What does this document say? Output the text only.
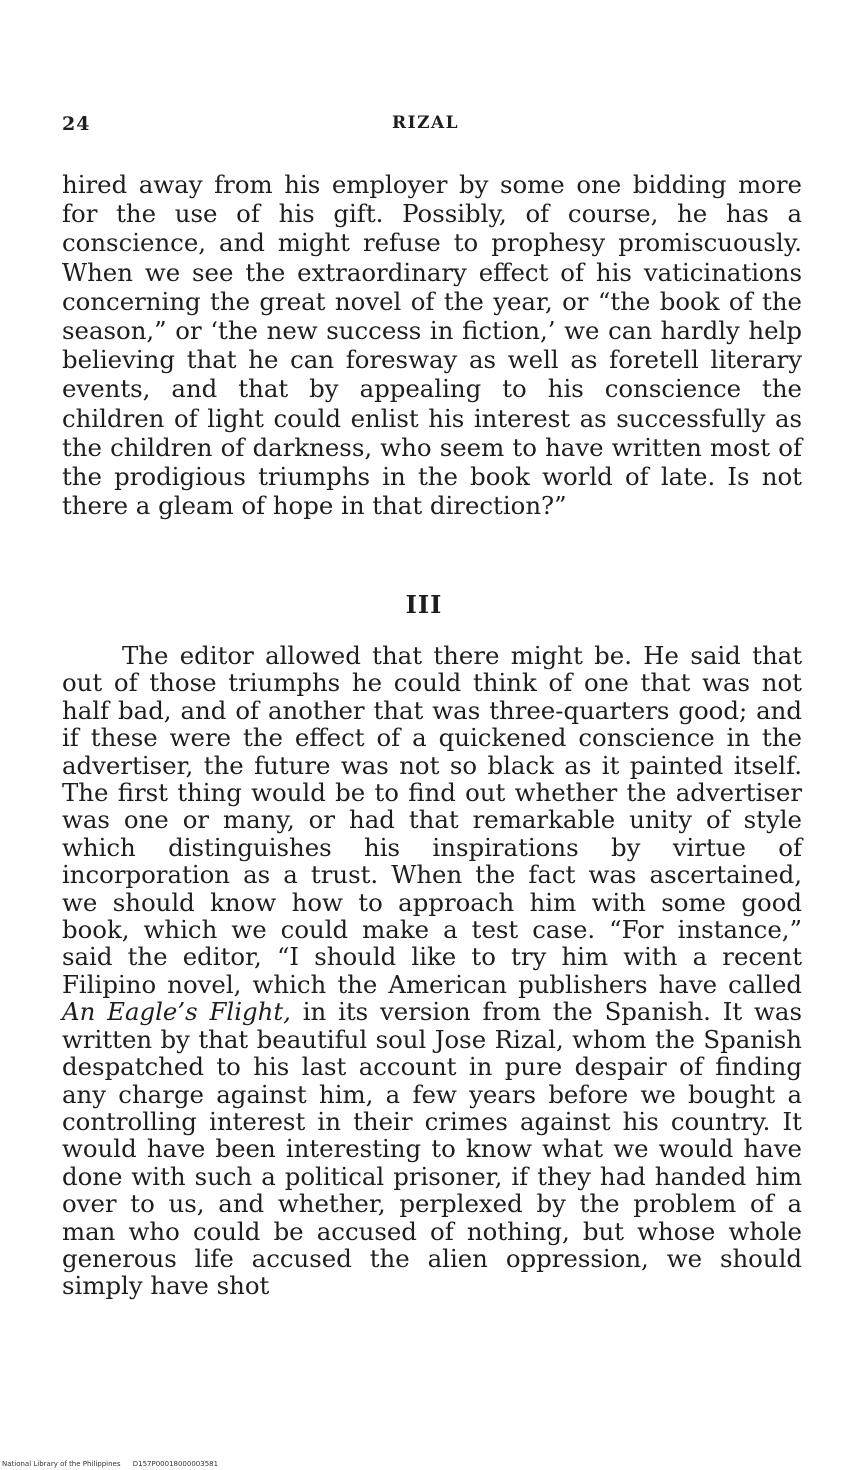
24	RIZAL

hired away from his employer by some one bidding more for the use of his gift. Possibly, of course, he has a conscience, and might refuse to prophesy promiscuously. When we see the extraordinary effect of his vaticinations concerning the great novel of the year, or “the book of the season,” or ‘the new success in fiction,’ we can hardly help believing that he can foresway as well as foretell literary events, and that by appealing to his conscience the children of light could enlist his interest as successfully as the children of darkness, who seem to have written most of the prodigious triumphs in the book world of late. Is not there a gleam of hope in that direction?”

III

The editor allowed that there might be. He said that out of those triumphs he could think of one that was not half bad, and of another that was three-quarters good; and if these were the effect of a quickened conscience in the advertiser, the future was not so black as it painted itself. The first thing would be to find out whether the advertiser was one or many, or had that remarkable unity of style which distinguishes his inspirations by virtue of incorporation as a trust. When the fact was ascertained, we should know how to approach him with some good book, which we could make a test case. “For instance,” said the editor, “I should like to try him with a recent Filipino novel, which the American publishers have called An Eagle’s Flight, in its version from the Spanish. It was written by that beautiful soul Jose Rizal, whom the Spanish despatched to his last account in pure despair of finding any charge against him, a few years before we bought a controlling interest in their crimes against his country. It would have been interesting to know what we would have done with such a political prisoner, if they had handed him over to us, and whether, perplexed by the problem of a man who could be accused of nothing, but whose whole generous life accused the alien oppression, we should simply have shot

National Library of the Philippines D157P00018000003581
